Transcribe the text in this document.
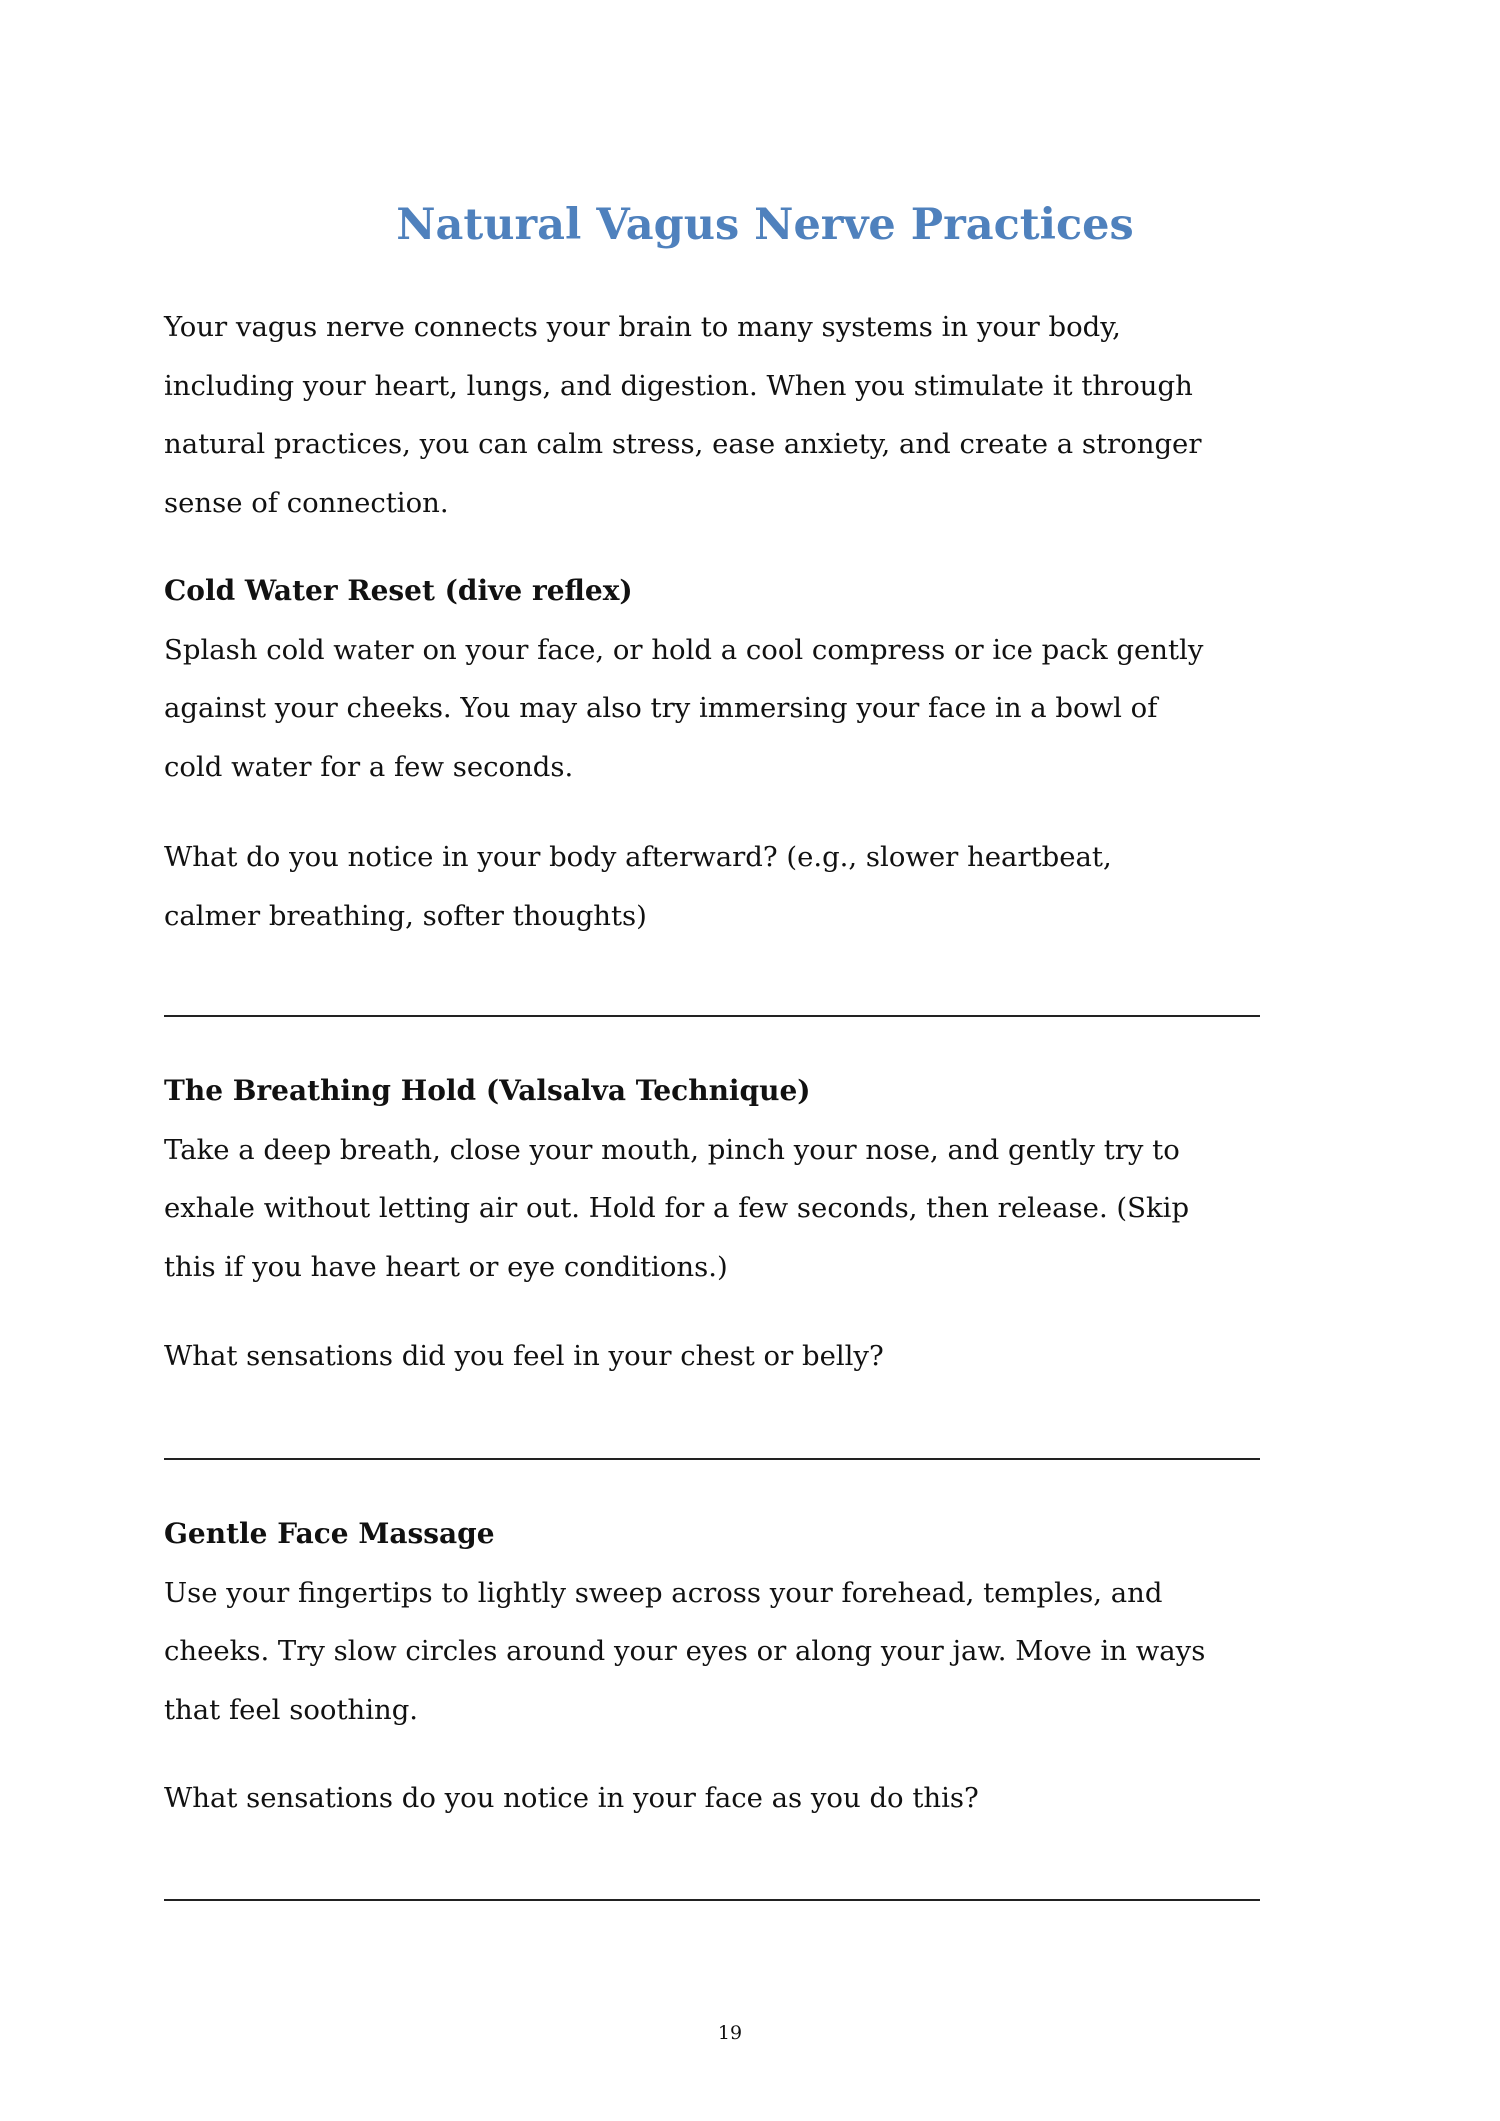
Natural Vagus Nerve Practices
Your vagus nerve connects your brain to many systems in your body,
including your heart, lungs, and digestion. When you stimulate it through
natural practices, you can calm stress, ease anxiety, and create a stronger
sense of connection.
Cold Water Reset (dive reflex)
Splash cold water on your face, or hold a cool compress or ice pack gently
against your cheeks. You may also try immersing your face in a bowl of
cold water for a few seconds.
What do you notice in your body afterward? (e.g., slower heartbeat,
calmer breathing, softer thoughts)
The Breathing Hold (Valsalva Technique)
Take a deep breath, close your mouth, pinch your nose, and gently try to
exhale without letting air out. Hold for a few seconds, then release. (Skip
this if you have heart or eye conditions.)
What sensations did you feel in your chest or belly?
Gentle Face Massage
Use your fingertips to lightly sweep across your forehead, temples, and
cheeks. Try slow circles around your eyes or along your jaw. Move in ways
that feel soothing.
What sensations do you notice in your face as you do this?
19
